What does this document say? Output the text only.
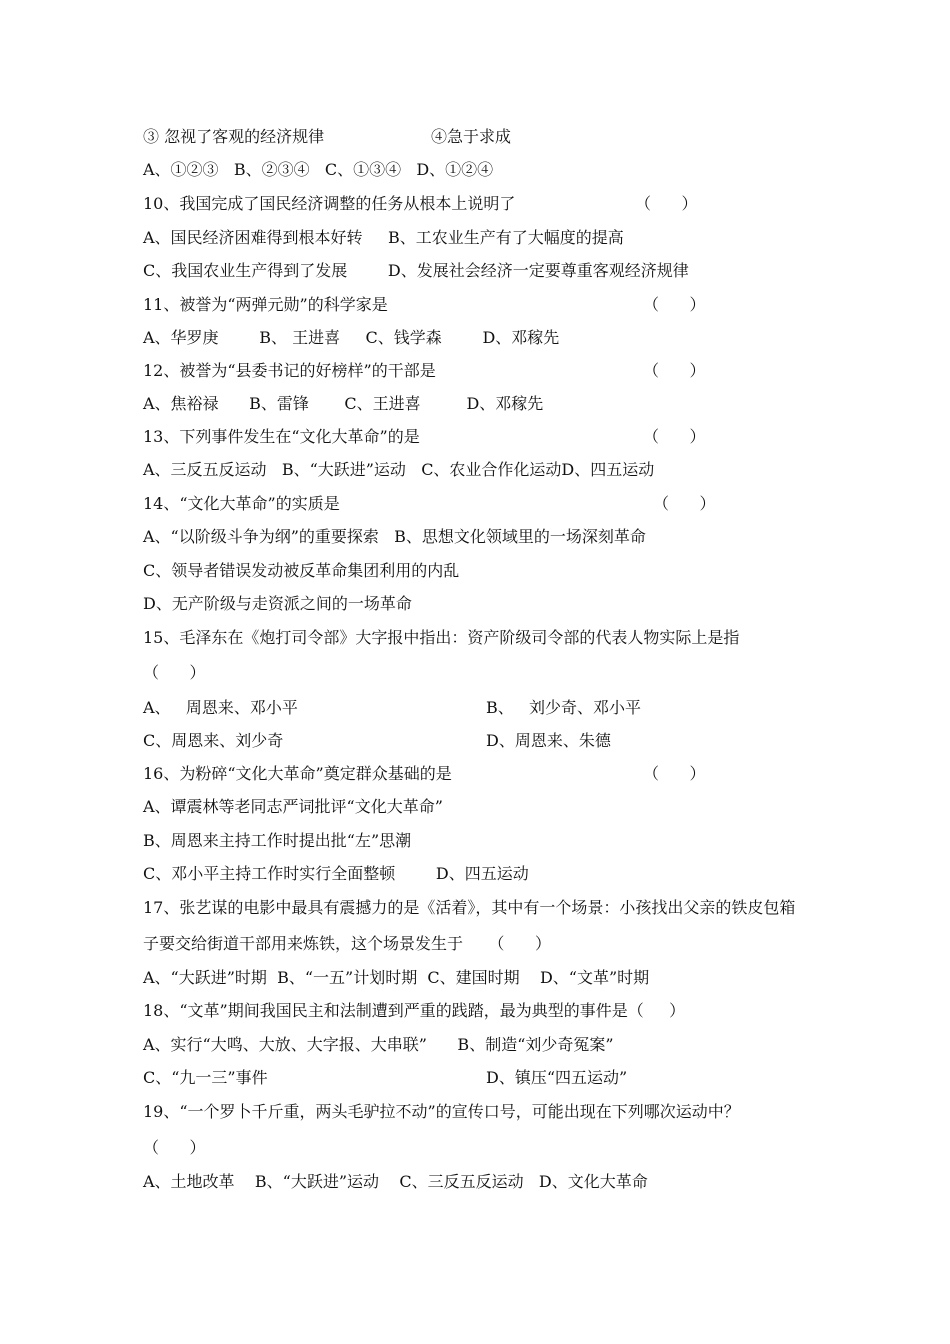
③ 忽视了客观的经济规律	④急于求成
A、①②③   B、②③④   C、①③④   D、①②④
10、我国完成了国民经济调整的任务从根本上说明了	（      ）
A、国民经济困难得到根本好转     B、工农业生产有了大幅度的提高
C、我国农业生产得到了发展        D、发展社会经济一定要尊重客观经济规律
11、被誉为“两弹元勋”的科学家是	（      ）
A、华罗庚        B、 王进喜     C、钱学森        D、邓稼先
12、被誉为“县委书记的好榜样”的干部是	（      ）
A、焦裕禄      B、雷锋       C、王进喜         D、邓稼先
13、下列事件发生在“文化大革命”的是	（      ）
A、三反五反运动   B、“大跃进”运动   C、农业合作化运动D、四五运动
14、“文化大革命”的实质是	（      ）
A、“以阶级斗争为纲”的重要探索   B、思想文化领域里的一场深刻革命
C、领导者错误发动被反革命集团利用的内乱
D、无产阶级与走资派之间的一场革命
15、毛泽东在《炮打司令部》大字报中指出：资产阶级司令部的代表人物实际上是指
（      ）
A、   周恩来、邓小平	B、   刘少奇、邓小平
C、周恩来、刘少奇	D、周恩来、朱德
16、为粉碎“文化大革命”奠定群众基础的是	（      ）
A、谭震林等老同志严词批评“文化大革命”
B、周恩来主持工作时提出批“左”思潮
C、邓小平主持工作时实行全面整顿        D、四五运动
17、张艺谋的电影中最具有震撼力的是《活着》，其中有一个场景：小孩找出父亲的铁皮包箱
子要交给街道干部用来炼铁，这个场景发生于     （      ）
A、“大跃进”时期  B、“一五”计划时期  C、建国时期    D、“文革”时期
18、“文革”期间我国民主和法制遭到严重的践踏，最为典型的事件是（     ）
A、实行“大鸣、大放、大字报、大串联”      B、制造“刘少奇冤案”
C、“九一三”事件	D、镇压“四五运动”
19、“一个罗卜千斤重，两头毛驴拉不动”的宣传口号，可能出现在下列哪次运动中？
（      ）
A、土地改革    B、“大跃进”运动    C、三反五反运动   D、文化大革命
